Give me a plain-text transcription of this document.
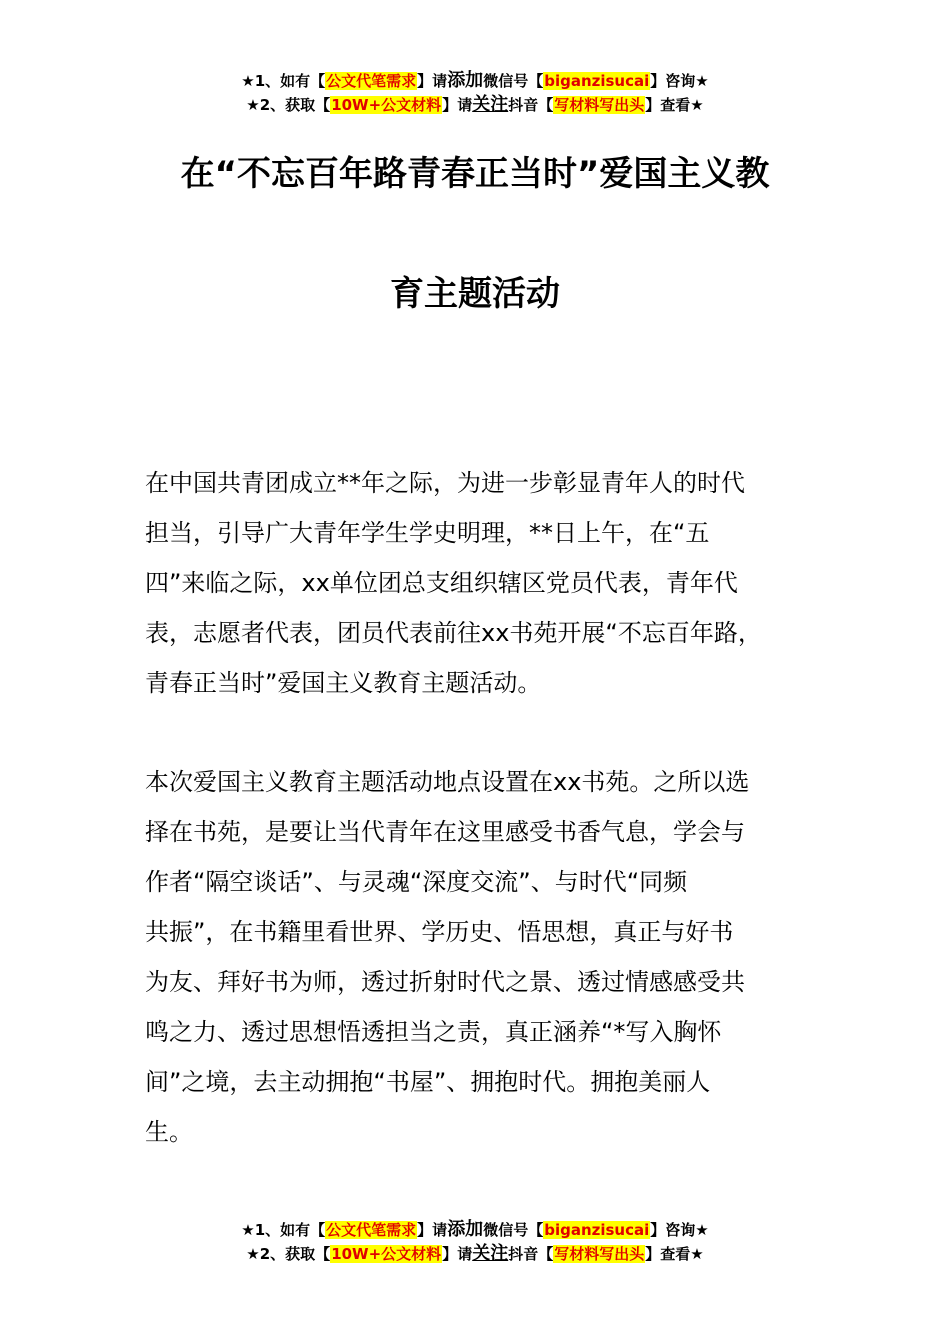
★1、如有【公文代笔需求】请添加微信号【biganzisucai】咨询★
★2、获取【10W+公文材料】请关注抖音【写材料写出头】查看★
在“不忘百年路青春正当时”爱国主义教
育主题活动

在中国共青团成立**年之际，为进一步彰显青年人的时代
担当，引导广大青年学生学史明理，**日上午，在“五
四”来临之际，xx单位团总支组织辖区党员代表，青年代
表，志愿者代表，团员代表前往xx书苑开展“不忘百年路，
青春正当时”爱国主义教育主题活动。

本次爱国主义教育主题活动地点设置在xx书苑。之所以选
择在书苑，是要让当代青年在这里感受书香气息，学会与
作者“隔空谈话”、与灵魂“深度交流”、与时代“同频
共振”，在书籍里看世界、学历史、悟思想，真正与好书
为友、拜好书为师，透过折射时代之景、透过情感感受共
鸣之力、透过思想悟透担当之责，真正涵养“*写入胸怀
间”之境，去主动拥抱“书屋”、拥抱时代。拥抱美丽人
生。

★1、如有【公文代笔需求】请添加微信号【biganzisucai】咨询★
★2、获取【10W+公文材料】请关注抖音【写材料写出头】查看★
